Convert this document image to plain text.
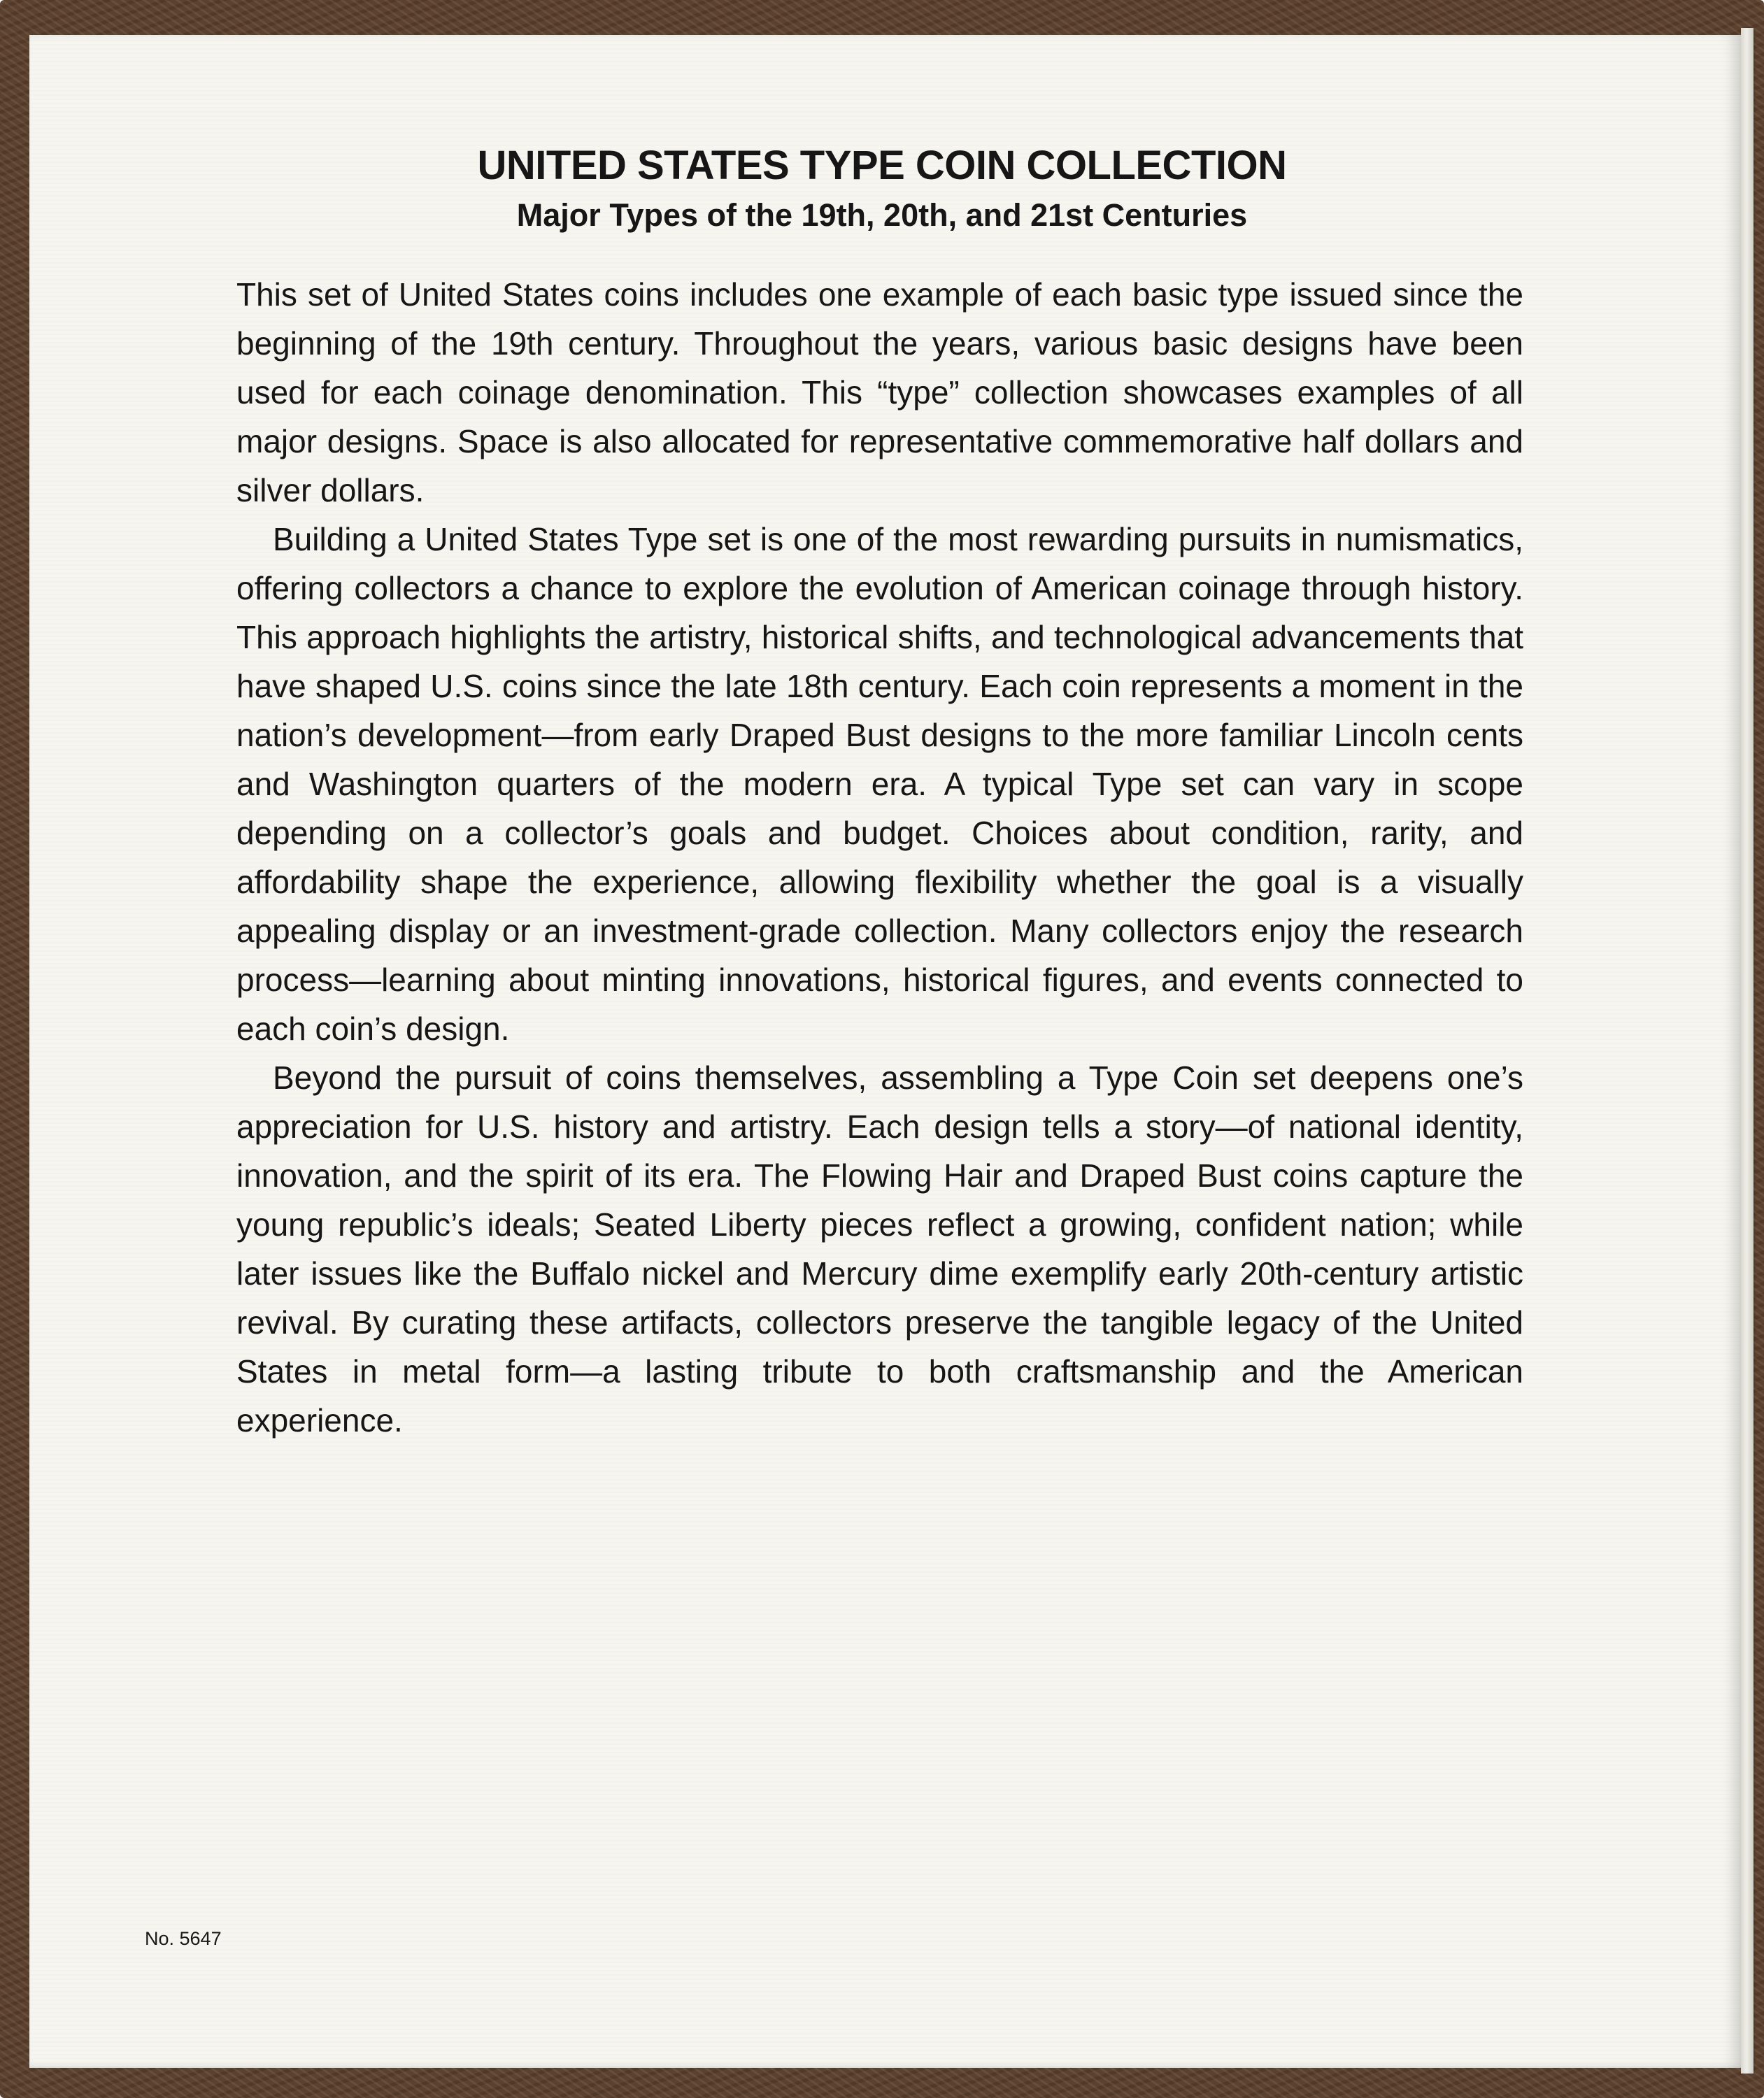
UNITED STATES TYPE COIN COLLECTION
Major Types of the 19th, 20th, and 21st Centuries

This set of United States coins includes one example of each basic type issued since the beginning of the 19th century. Throughout the years, various basic designs have been used for each coinage denomination. This “type” collection showcases examples of all major designs. Space is also allocated for representative commemorative half dollars and silver dollars.

Building a United States Type set is one of the most rewarding pursuits in numismatics, offering collectors a chance to explore the evolution of American coinage through history. This approach highlights the artistry, historical shifts, and technological advancements that have shaped U.S. coins since the late 18th century. Each coin represents a moment in the nation’s development—from early Draped Bust designs to the more familiar Lincoln cents and Washington quarters of the modern era. A typical Type set can vary in scope depending on a collector’s goals and budget. Choices about condition, rarity, and affordability shape the experience, allowing flexibility whether the goal is a visually appealing display or an investment-grade collection. Many collectors enjoy the research process—learning about minting innovations, historical figures, and events connected to each coin’s design.

Beyond the pursuit of coins themselves, assembling a Type Coin set deepens one’s appreciation for U.S. history and artistry. Each design tells a story—of national identity, innovation, and the spirit of its era. The Flowing Hair and Draped Bust coins capture the young republic’s ideals; Seated Liberty pieces reflect a growing, confident nation; while later issues like the Buffalo nickel and Mercury dime exemplify early 20th-century artistic revival. By curating these artifacts, collectors preserve the tangible legacy of the United States in metal form—a lasting tribute to both craftsmanship and the American experience.

No. 5647
